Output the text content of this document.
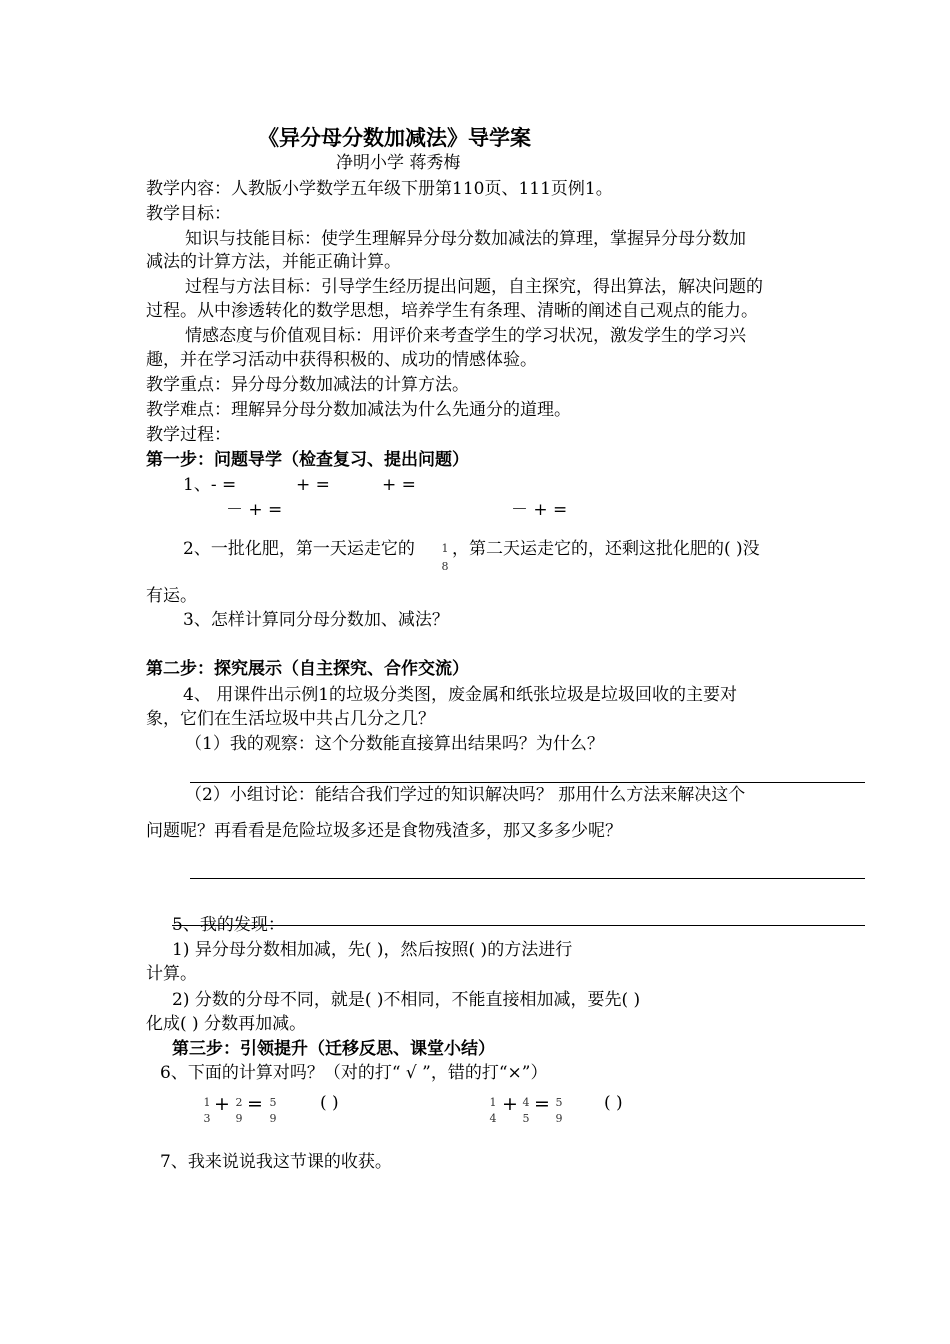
《异分母分数加减法》导学案
净明小学 蒋秀梅
教学内容：人教版小学数学五年级下册第110页、111页例1。
教学目标：
知识与技能目标：使学生理解异分母分数加减法的算理，掌握异分母分数加
减法的计算方法，并能正确计算。
过程与方法目标：引导学生经历提出问题，自主探究，得出算法，解决问题的
过程。从中渗透转化的数学思想，培养学生有条理、清晰的阐述自己观点的能力。
情感态度与价值观目标：用评价来考查学生的学习状况，激发学生的学习兴
趣，并在学习活动中获得积极的、成功的情感体验。
教学重点：异分母分数加减法的计算方法。
教学难点：理解异分母分数加减法为什么先通分的道理。
教学过程：
第一步：问题导学（检查复习、提出问题）
1、- =	+ =	+ =
－ + =	－ + =
2、一批化肥，第一天运走它的	1
8
，第二天运走它的，还剩这批化肥的( )没
有运。
3、怎样计算同分母分数加、减法？
第二步：探究展示（自主探究、合作交流）
4、 用课件出示例1的垃圾分类图，废金属和纸张垃圾是垃圾回收的主要对
象，它们在生活垃圾中共占几分之几？
（1）我的观察：这个分数能直接算出结果吗？为什么？
（2）小组讨论：能结合我们学过的知识解决吗？ 那用什么方法来解决这个
问题呢？再看看是危险垃圾多还是食物残渣多，那又多多少呢？
5、我的发现：
1) 异分母分数相加减，先( )，然后按照( )的方法进行
计算。
2) 分数的分母不同，就是( )不相同，不能直接相加减，要先( )
化成( ) 分数再加减。
第三步：引领提升（迁移反思、课堂小结）
6、下面的计算对吗？（对的打“ √ ”，错的打“×”）
1
3
+ 2
9
= 5
9
( )	1
4
+ 4
5
= 5
9
( )
7、我来说说我这节课的收获。
